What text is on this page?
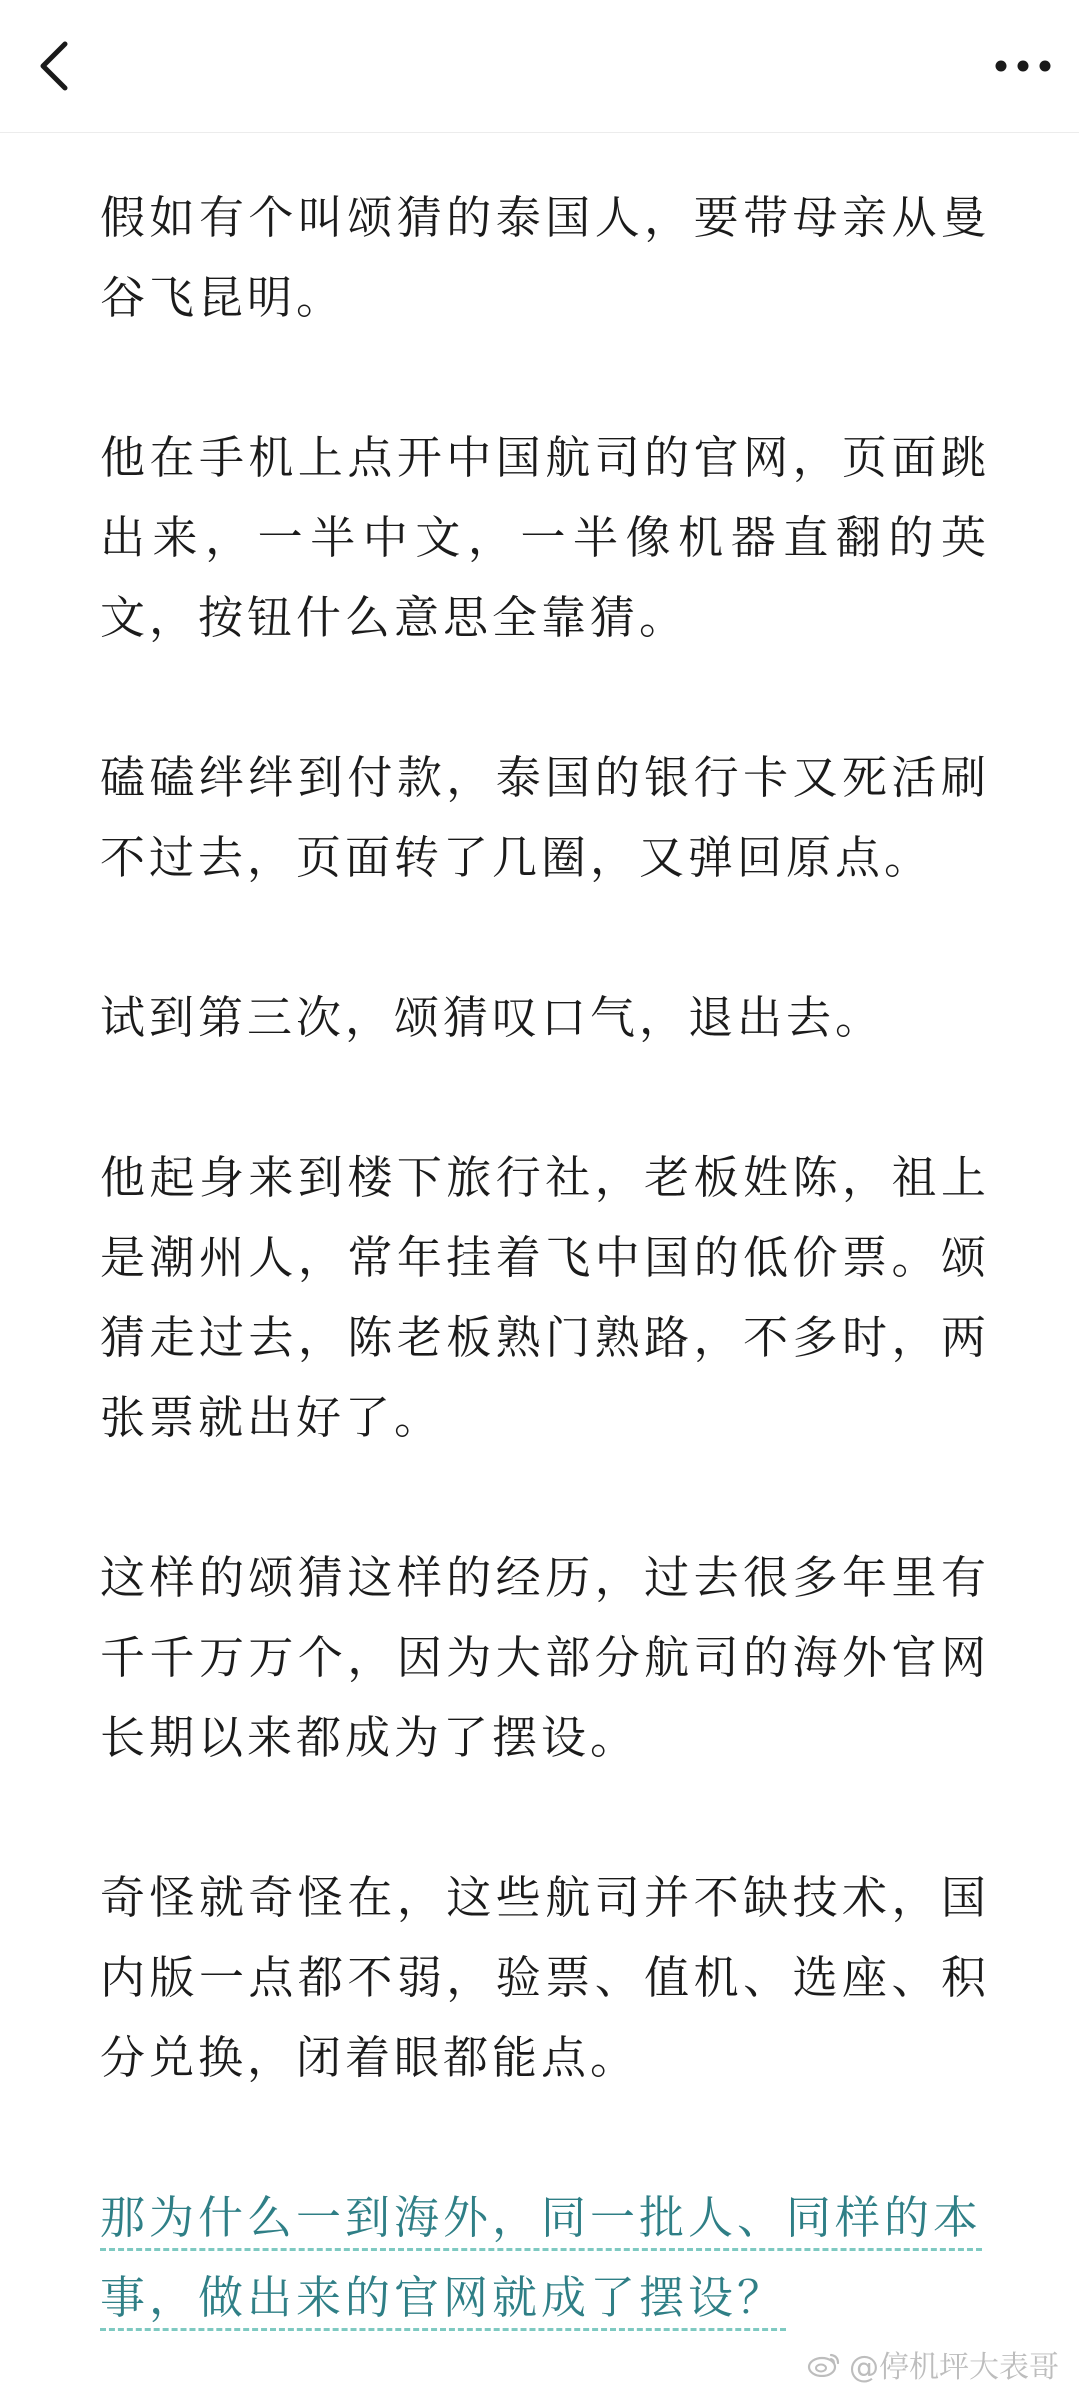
假如有个叫颂猜的泰国人，要带母亲从曼谷飞昆明。

他在手机上点开中国航司的官网，页面跳出来，一半中文，一半像机器直翻的英文，按钮什么意思全靠猜。

磕磕绊绊到付款，泰国的银行卡又死活刷不过去，页面转了几圈，又弹回原点。

试到第三次，颂猜叹口气，退出去。

他起身来到楼下旅行社，老板姓陈，祖上是潮州人，常年挂着飞中国的低价票。颂猜走过去，陈老板熟门熟路，不多时，两张票就出好了。

这样的颂猜这样的经历，过去很多年里有千千万万个，因为大部分航司的海外官网长期以来都成为了摆设。

奇怪就奇怪在，这些航司并不缺技术，国内版一点都不弱，验票、值机、选座、积分兑换，闭着眼都能点。

那为什么一到海外，同一批人、同样的本事，做出来的官网就成了摆设？

@停机坪大表哥
